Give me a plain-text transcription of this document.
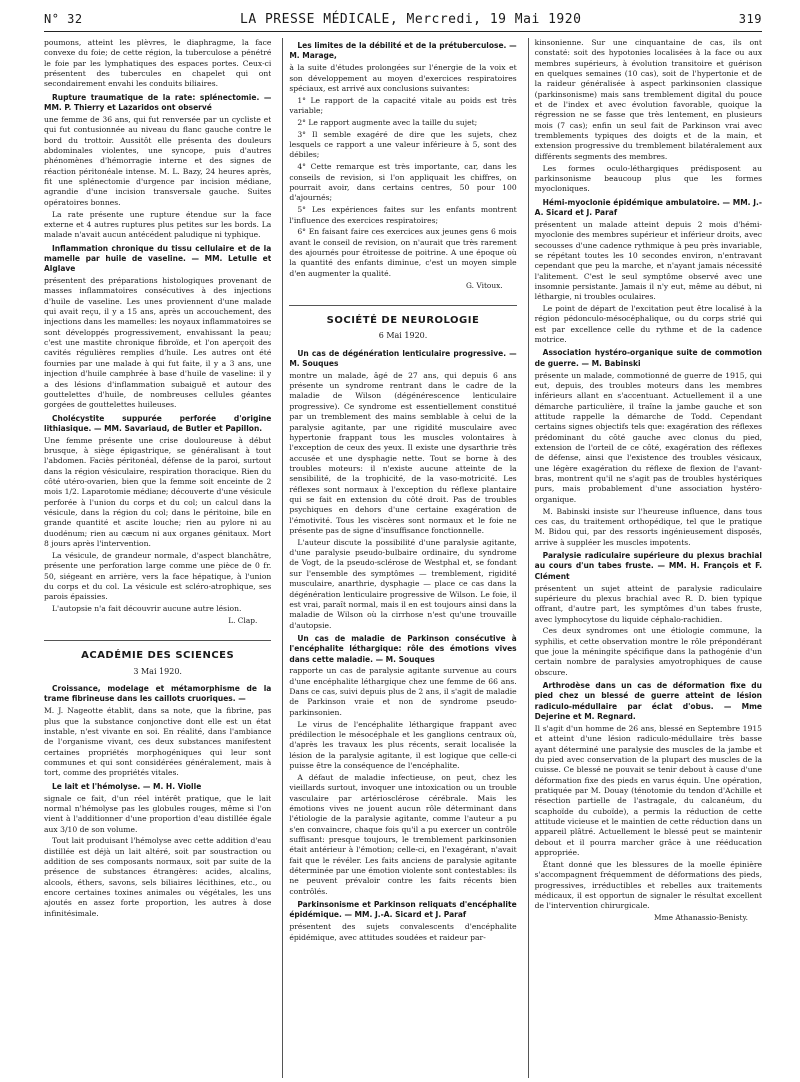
N° 32	LA PRESSE MÉDICALE, Mercredi, 19 Mai 1920	319

poumons, atteint les plèvres, le diaphragme, la face convexe du foie; de cette région, la tuberculose a pénétré le foie par les lymphatiques des espaces portes. Ceux-ci présentent des tubercules en chapelet qui ont secondairement envahi les conduits biliaires.

Rupture traumatique de la rate: splénectomie. — MM. P. Thierry et Lazaridos ont observé

une femme de 36 ans, qui fut renversée par un cycliste et qui fut contusionnée au niveau du flanc gauche contre le bord du trottoir. Aussitôt elle présenta des douleurs abdominales violentes, une syncope, puis d'autres phénomènes d'hémorragie interne et des signes de réaction péritonéale intense. M. L. Bazy, 24 heures après, fit une splénectomie d'urgence par incision médiane, agrandie d'une incision transversale gauche. Suites opératoires bonnes.

La rate présente une rupture étendue sur la face externe et 4 autres ruptures plus petites sur les bords. La malade n'avait aucun antécédent paludique ni typhique.

Inflammation chronique du tissu cellulaire et de la mamelle par huile de vaseline. — MM. Letulle et Alglave

présentent des préparations histologiques provenant de masses inflammatoires consécutives à des injections d'huile de vaseline. Les unes proviennent d'une malade qui avait reçu, il y a 15 ans, après un accouchement, des injections dans les mamelles: les noyaux inflammatoires se sont développés progressivement, envahissant la peau; c'est une mastite chronique fibroïde, et l'on aperçoit des cavités régulières remplies d'huile. Les autres ont été fournies par une malade à qui fut faite, il y a 3 ans, une injection d'huile camphrée à base d'huile de vaseline: il y a des lésions d'inflammation subaiguë et autour des gouttelettes d'huile, de nombreuses cellules géantes gorgées de gouttelettes huileuses.

Cholécystite suppurée perforée d'origine lithiasique. — MM. Savariaud, de Butler et Papillon.

Une femme présente une crise douloureuse à début brusque, à siège épigastrique, se généralisant à tout l'abdomen. Faciès péritonéal, défense de la paroi, surtout dans la région vésiculaire, respiration thoracique. Rien du côté utéro-ovarien, bien que la femme soit enceinte de 2 mois 1/2. Laparotomie médiane; découverte d'une vésicule perforée à l'union du corps et du col; un calcul dans la vésicule, dans la région du col; dans le péritoine, bile en grande quantité et ascite louche; rien au pylore ni au duodénum; rien au cæcum ni aux organes génitaux. Mort 8 jours après l'intervention.

La vésicule, de grandeur normale, d'aspect blanchâtre, présente une perforation large comme une pièce de 0 fr. 50, siégeant en arrière, vers la face hépatique, à l'union du corps et du col. La vésicule est scléro-atrophique, ses parois épaissies.

L'autopsie n'a fait découvrir aucune autre lésion.

L. Clap.
ACADÉMIE DES SCIENCES
3 Mai 1920.

Croissance, modelage et métamorphisme de la trame fibrineuse dans les caillots cruoriques. —

M. J. Nageotte établit, dans sa note, que la fibrine, pas plus que la substance conjonctive dont elle est un état instable, n'est vivante en soi. En réalité, dans l'ambiance de l'organisme vivant, ces deux substances manifestent certaines propriétés morphogéniques qui leur sont communes et qui sont considérées généralement, mais à tort, comme des propriétés vitales.

Le lait et l'hémolyse. — M. H. Violle

signale ce fait, d'un réel intérêt pratique, que le lait normal n'hémolyse pas les globules rouges, même si l'on vient à l'additionner d'une proportion d'eau distillée égale aux 3/10 de son volume.

Tout lait produisant l'hémolyse avec cette addition d'eau distillée est déjà un lait altéré, soit par soustraction ou addition de ses composants normaux, soit par suite de la présence de substances étrangères: acides, alcalins, alcools, éthers, savons, sels biliaires lécithines, etc., ou encore certaines toxines animales ou végétales, les uns ajoutés en assez forte proportion, les autres à dose infinitésimale.

Les limites de la débilité et de la prétuberculose. — M. Marage,

à la suite d'études prolongées sur l'énergie de la voix et son développement au moyen d'exercices respiratoires spéciaux, est arrivé aux conclusions suivantes:

1° Le rapport de la capacité vitale au poids est très variable;

2° Le rapport augmente avec la taille du sujet;

3° Il semble exagéré de dire que les sujets, chez lesquels ce rapport a une valeur inférieure à 5, sont des débiles;

4° Cette remarque est très importante, car, dans les conseils de revision, si l'on appliquait les chiffres, on pourrait avoir, dans certains centres, 50 pour 100 d'ajournés;

5° Les expériences faites sur les enfants montrent l'influence des exercices respiratoires;

6° En faisant faire ces exercices aux jeunes gens 6 mois avant le conseil de revision, on n'aurait que très rarement des ajournés pour étroitesse de poitrine. A une époque où la quantité des enfants diminue, c'est un moyen simple d'en augmenter la qualité.

G. Vitoux.
SOCIÉTÉ DE NEUROLOGIE
6 Mai 1920.

Un cas de dégénération lenticulaire progressive. — M. Souques

montre un malade, âgé de 27 ans, qui depuis 6 ans présente un syndrome rentrant dans le cadre de la maladie de Wilson (dégénérescence lenticulaire progressive). Ce syndrome est essentiellement constitué par un tremblement des mains semblable à celui de la paralysie agitante, par une rigidité musculaire avec hypertonie frappant tous les muscles volontaires à l'exception de ceux des yeux. Il existe une dysarthrie très accusée et une dysphagie nette. Tout se borne à des troubles moteurs: il n'existe aucune atteinte de la sensibilité, de la trophicité, de la vaso-motricité. Les réflexes sont normaux à l'exception du réflexe plantaire qui se fait en extension du côté droit. Pas de troubles psychiques en dehors d'une certaine exagération de l'émotivité. Tous les viscères sont normaux et le foie ne présente pas de signe d'insuffisance fonctionnelle.

L'auteur discute la possibilité d'une paralysie agitante, d'une paralysie pseudo-bulbaire ordinaire, du syndrome de Vogt, de la pseudo-sclérose de Westphal et, se fondant sur l'ensemble des symptômes — tremblement, rigidité musculaire, anarthrie, dysphagie — place ce cas dans la dégénération lenticulaire progressive de Wilson. Le foie, il est vrai, paraît normal, mais il en est toujours ainsi dans la maladie de Wilson où la cirrhose n'est qu'une trouvaille d'autopsie.

Un cas de maladie de Parkinson consécutive à l'encéphalite léthargique: rôle des émotions vives dans cette maladie. — M. Souques

rapporte un cas de paralysie agitante survenue au cours d'une encéphalite léthargique chez une femme de 66 ans. Dans ce cas, suivi depuis plus de 2 ans, il s'agit de maladie de Parkinson vraie et non de syndrome pseudo-parkinsonien.

Le virus de l'encéphalite léthargique frappant avec prédilection le mésocéphale et les ganglions centraux où, d'après les travaux les plus récents, serait localisée la lésion de la paralysie agitante, il est logique que celle-ci puisse être la conséquence de l'encéphalite.

A défaut de maladie infectieuse, on peut, chez les vieillards surtout, invoquer une intoxication ou un trouble vasculaire par artériosclérose cérébrale. Mais les émotions vives ne jouent aucun rôle déterminant dans l'étiologie de la paralysie agitante, comme l'auteur a pu s'en convaincre, chaque fois qu'il a pu exercer un contrôle suffisant: presque toujours, le tremblement parkinsonien était antérieur à l'émotion; celle-ci, en l'exagérant, n'avait fait que le révéler. Les faits anciens de paralysie agitante déterminée par une émotion violente sont contestables: ils ne peuvent prévaloir contre les faits récents bien contrôlés.

Parkinsonisme et Parkinson reliquats d'encéphalite épidémique. — MM. J.-A. Sicard et J. Paraf

présentent des sujets convalescents d'encéphalite épidémique, avec attitudes soudées et raideur par-

kinsonienne. Sur une cinquantaine de cas, ils ont constaté: soit des hypotonies localisées à la face ou aux membres supérieurs, à évolution transitoire et guérison en quelques semaines (10 cas), soit de l'hypertonie et de la raideur généralisée à aspect parkinsonien classique (parkinsonisme) mais sans tremblement digital du pouce et de l'index et avec évolution favorable, quoique la régression ne se fasse que très lentement, en plusieurs mois (7 cas); enfin un seul fait de Parkinson vrai avec tremblements typiques des doigts et de la main, et extension progressive du tremblement bilatéralement aux différents segments des membres.

Les formes oculo-léthargiques prédisposent au parkinsonisme beaucoup plus que les formes myocloniques.

Hémi-myoclonie épidémique ambulatoire. — MM. J.-A. Sicard et J. Paraf

présentent un malade atteint depuis 2 mois d'hémi-myoclonie des membres supérieur et inférieur droits, avec secousses d'une cadence rythmique à peu près invariable, se répétant toutes les 10 secondes environ, n'entravant cependant que peu la marche, et n'ayant jamais nécessité l'alitement. C'est le seul symptôme observé avec une insomnie persistante. Jamais il n'y eut, même au début, ni léthargie, ni troubles oculaires.

Le point de départ de l'excitation peut être localisé à la région pédonculo-mésocéphalique, ou du corps strié qui est par excellence celle du rythme et de la cadence motrice.

Association hystéro-organique suite de commotion de guerre. — M. Babinski

présente un malade, commotionné de guerre de 1915, qui eut, depuis, des troubles moteurs dans les membres inférieurs allant en s'accentuant. Actuellement il a une démarche particulière, il traîne la jambe gauche et son attitude rappelle la démarche de Todd. Cependant certains signes objectifs tels que: exagération des réflexes prédominant du côté gauche avec clonus du pied, extension de l'orteil de ce côté, exagération des réflexes de défense, ainsi que l'existence des troubles vésicaux, une légère exagération du réflexe de flexion de l'avant-bras, montrent qu'il ne s'agit pas de troubles hystériques purs, mais probablement d'une association hystéro-organique.

M. Babinski insiste sur l'heureuse influence, dans tous ces cas, du traitement orthopédique, tel que le pratique M. Bidou qui, par des ressorts ingénieusement disposés, arrive à suppléer les muscles impotents.

Paralysie radiculaire supérieure du plexus brachial au cours d'un tabes fruste. — MM. H. François et F. Clément

présentent un sujet atteint de paralysie radiculaire supérieure du plexus brachial avec R. D. bien typique offrant, d'autre part, les symptômes d'un tabes fruste, avec lymphocytose du liquide céphalo-rachidien.

Ces deux syndromes ont une étiologie commune, la syphilis, et cette observation montre le rôle prépondérant que joue la méningite spécifique dans la pathogénie d'un certain nombre de paralysies amyotrophiques de cause obscure.

Arthrodèse dans un cas de déformation fixe du pied chez un blessé de guerre atteint de lésion radiculo-médullaire par éclat d'obus. — Mme Dejerine et M. Regnard.

Il s'agit d'un homme de 26 ans, blessé en Septembre 1915 et atteint d'une lésion radiculo-médullaire très basse ayant déterminé une paralysie des muscles de la jambe et du pied avec conservation de la plupart des muscles de la cuisse. Ce blessé ne pouvait se tenir debout à cause d'une déformation fixe des pieds en varus équin. Une opération, pratiquée par M. Douay (ténotomie du tendon d'Achille et résection partielle de l'astragale, du calcanéum, du scaphoïde du cuboïde), a permis la réduction de cette attitude vicieuse et le maintien de cette réduction dans un appareil plâtré. Actuellement le blessé peut se maintenir debout et il pourra marcher grâce à une rééducation appropriée.

Étant donné que les blessures de la moelle épinière s'accompagnent fréquemment de déformations des pieds, progressives, irréductibles et rebelles aux traitements médicaux, il est opportun de signaler le résultat excellent de l'intervention chirurgicale.

Mme Athanassio-Benisty.
